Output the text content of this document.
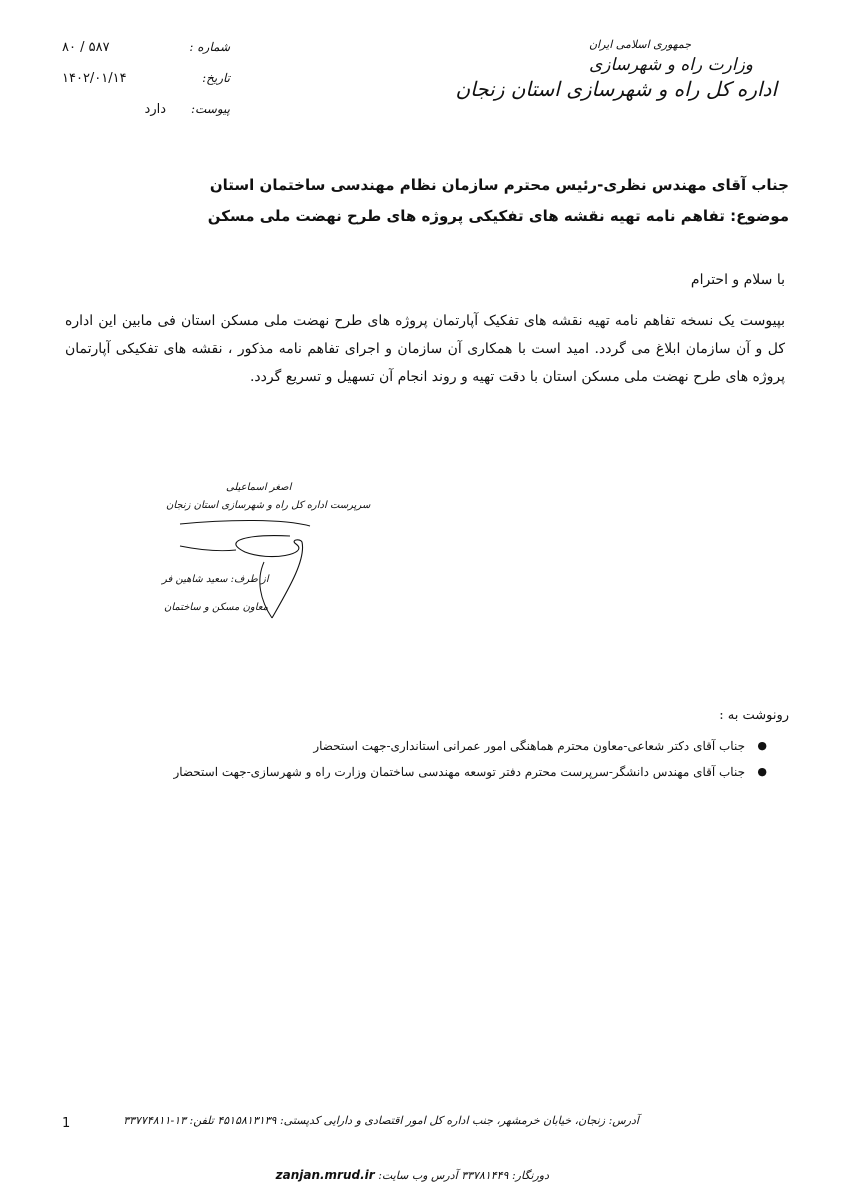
جمهوری اسلامی ایران
وزارت راه و شهرسازی
اداره کل راه و شهرسازی استان زنجان
شماره :
۸۰ / ۵۸۷
تاریخ:
۱۴۰۲/۰۱/۱۴
پیوست:
دارد
جناب آقای مهندس نظری-رئیس محترم سازمان نظام مهندسی ساختمان استان
موضوع: تفاهم نامه تهیه نقشه های تفکیکی پروژه های طرح نهضت ملی مسکن
با سلام و احترام
بپیوست یک نسخه تفاهم نامه تهیه نقشه های تفکیک آپارتمان پروژه های طرح نهضت ملی مسکن استان فی مابین این اداره کل و آن سازمان ابلاغ می گردد. امید است با همکاری آن سازمان و اجرای تفاهم نامه مذکور ، نقشه های تفکیکی آپارتمان پروژه های طرح نهضت ملی مسکن استان با دقت تهیه و روند انجام آن تسهیل و تسریع گردد.
اصغر اسماعیلی
سرپرست اداره کل راه و شهرسازی استان زنجان
از طرف: سعید شاهین فر
معاون مسکن و ساختمان
رونوشت به :
●
جناب آقای دکتر شعاعی-معاون محترم هماهنگی امور عمرانی استانداری-جهت استحضار
●
جناب آقای مهندس دانشگر-سرپرست محترم دفتر توسعه مهندسی ساختمان وزارت راه و شهرسازی-جهت استحضار
1	آدرس: زنجان، خیابان خرمشهر، جنب اداره کل امور اقتصادی و دارایی کدپستی: ۴۵۱۵۸۱۳۱۳۹ تلفن: ۱۳-۳۳۷۷۴۸۱۱
دورنگار: ۳۳۷۸۱۴۴۹ آدرس وب سایت: zanjan.mrud.ir
